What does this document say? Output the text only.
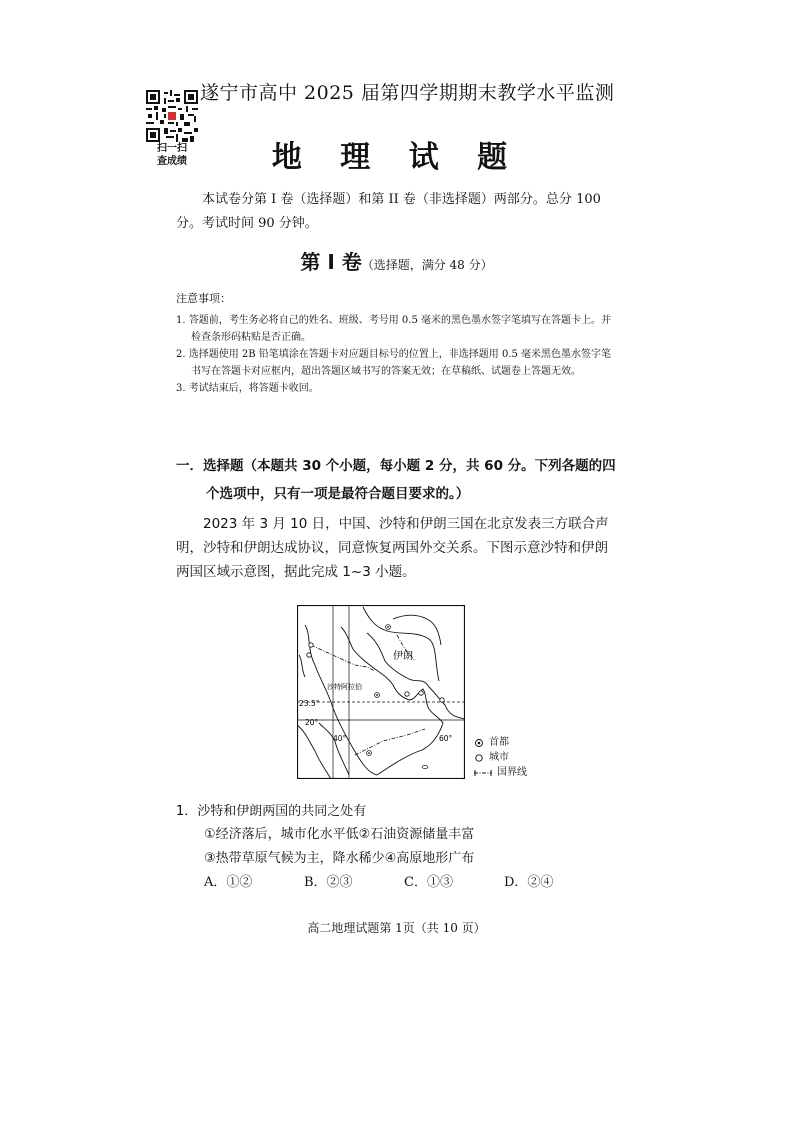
扫一扫
查成绩
遂宁市高中 2025 届第四学期期末教学水平监测
地 理 试 题
本试卷分第 I 卷（选择题）和第 II 卷（非选择题）两部分。总分 100 分。考试时间 90 分钟。
第 Ⅰ 卷（选择题，满分 48 分）
注意事项：
1. 答题前，考生务必将自己的姓名、班级、考号用 0.5 毫米的黑色墨水签字笔填写在答题卡上。并检查条形码粘贴是否正确。
2. 选择题使用 2B 铅笔填涂在答题卡对应题目标号的位置上，非选择题用 0.5 毫米黑色墨水签字笔书写在答题卡对应框内，超出答题区域书写的答案无效；在草稿纸、试题卷上答题无效。
3. 考试结束后，将答题卡收回。
一．选择题（本题共 30 个小题，每小题 2 分，共 60 分。下列各题的四
个选项中，只有一项是最符合题目要求的。）
2023 年 3 月 10 日，中国、沙特和伊朗三国在北京发表三方联合声明，沙特和伊朗达成协议，同意恢复两国外交关系。下图示意沙特和伊朗两国区域示意图，据此完成 1~3 小题。
伊朗
沙特阿拉伯
23.5°
20°
40°	60°	首都
城市
国界线
1．沙特和伊朗两国的共同之处有
①经济落后，城市化水平低②石油资源储量丰富
③热带草原气候为主，降水稀少④高原地形广布
A．①②	B．②③	C．①③	D．②④
高二地理试题第 1页（共 10 页）
